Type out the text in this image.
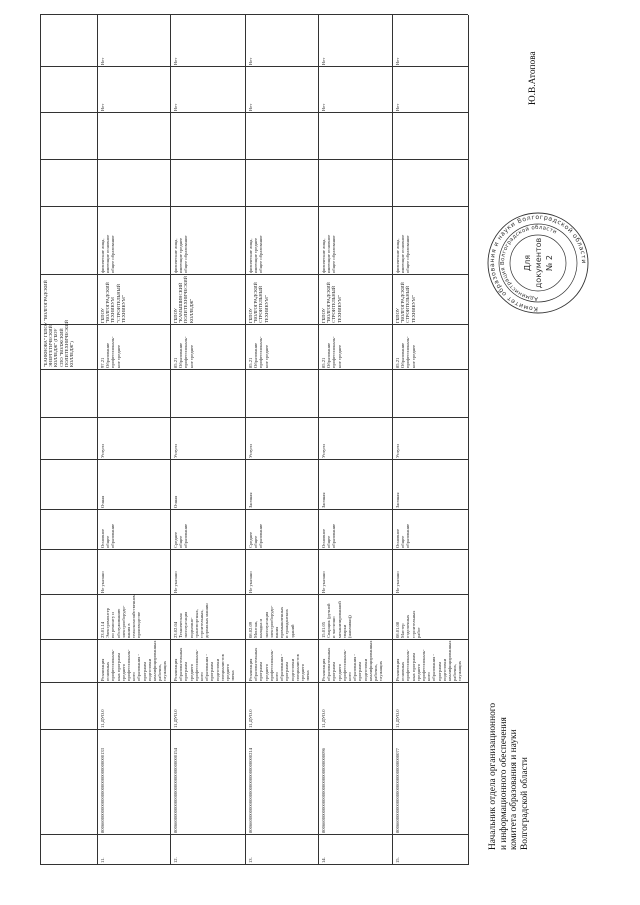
"БАНКНОВА" ГБПОУ "ВОЛГОГРАДСКИЙ
ЭНЕРГЕТИЧЕСКИЙ
КОЛЛЕДЖ" (ГБОУ
СПО "ВОЛЖСКИЙ
ПОЛИТЕХНИЧЕСКИЙ
КОЛЛЕДЖ")
11.
8006600000000000000000000000000000133
11.ДУО.0
Реализация
основных
профессиональ-
ных программ
среднего
профессиональ-
ного
образования -
программ
подготовки
квалифицированных
рабочих,
служащих
23.01.14
Электромонтер
по ремонту и
обслуживанию
электрооборудо-
вания в
сельскохозяйственном
производстве
Не указано
Основное
общее
образование
Очная
Услуги
97.21
Образование
профессиональ-
ное среднее
ГБПОУ
"ВОЛГОГРАДСКИЙ
ТЕХНИКУМ
"СТРОИТЕЛЬНЫЙ
ТЕХНИКУМ"
физические лица,
имеющие основное
общее образование
Нет
Нет
12.
8006600000000000000000000000000000154
11.ДУО.0
Реализация
образовательных
программ
среднего
профессиональ-
ного
образования -
программ
подготовки
специалистов
среднего
звена
23.02.04
Техническая
эксплуатация
подъемно-
транспортных,
строительных,
дорожных машин
Не указано
Среднее
общее
образование
Очная
Услуги
85.21
Образование
профессиональ-
ное среднее
ГБПОУ
"КАМЫШИНСКИЙ
ПОЛИТЕХНИЧЕСКИЙ
КОЛЛЕДЖ"
физические лица,
имеющие среднее
общее образование
Нет
Нет
13.
8006600000000000000000000000000000214
11.ДУО.0
Реализация
образовательных
программ
среднего
профессиональ-
ного
образования -
программ
подготовки
специалистов
среднего
звена
08.02.09
Монтаж,
наладка и
эксплуатация
электрооборудо-
вания
промышленных
и гражданских
зданий
Не указано
Среднее
общее
образование
Заочная
Услуги
85.21
Образование
профессиональ-
ное среднее
ГБПОУ
"ВОЛГОГРАДСКИЙ
СТРОИТЕЛЬНЫЙ
ТЕХНИКУМ"
физические лица,
имеющие среднее
общее образование
Нет
Нет
14.
8006600000000000000000000000000000096
11.ДУО.0
Реализация
образовательных
программ
среднего
профессиональ-
ного
образования -
программ
подготовки
квалифицированных
рабочих,
служащих
15.01.05
Сварщик (ручной
и частично
механизированной
сварки
(наплавки))
Не указано
Основное
общее
образование
Заочная
Услуги
85.21
Образование
профессиональ-
ное среднее
ГБПОУ
"ВОЛГОГРАДСКИЙ
СТРОИТЕЛЬНЫЙ
ТЕХНИКУМ"
физические лица,
имеющие основное
общее образование
Нет
Нет
15.
8006600000000000000000000000000000077
11.ДУО.0
Реализация
основных
профессиональ-
ных программ
среднего
профессиональ-
ного
образования -
программ
подготовки
квалифицированных
рабочих,
служащих
08.01.08
Мастер
отделочных
строительных
работ
Не указано
Основное
общее
образование
Заочная
Услуги
85.21
Образование
профессиональ-
ное среднее
ГБПОУ
"ВОЛГОГРАДСКИЙ
СТРОИТЕЛЬНЫЙ
ТЕХНИКУМ"
физические лица,
имеющие основное
общее образование
Нет
Нет
Начальник отдела организационного
и информационного обеспечения
комитета образования и науки
Волгоградской области
Ю.В.Атопова
Комитет образования и науки Волгоградской области
Администрация Волгоградской области
Для документов № 2
